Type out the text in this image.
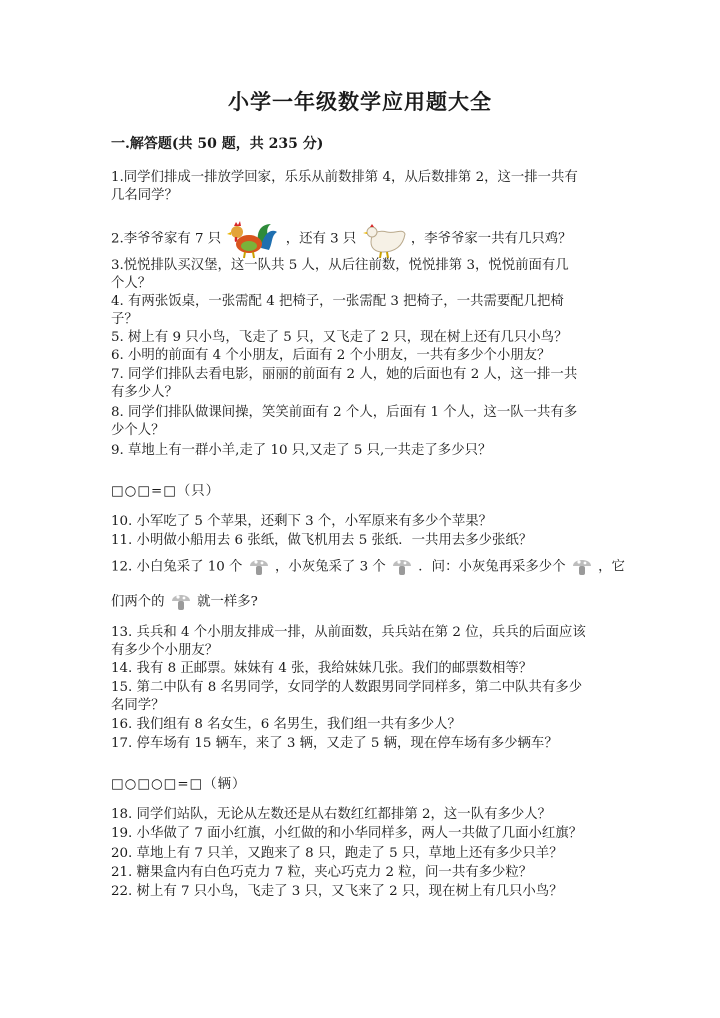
小学一年级数学应用题大全
一.解答题(共 50 题，共 235 分)
1.同学们排成一排放学回家，乐乐从前数排第 4，从后数排第 2，这一排一共有
几名同学？
2.李爷爷家有 7 只	，还有 3 只	，李爷爷家一共有几只鸡？
3.悦悦排队买汉堡，这一队共 5 人，从后往前数，悦悦排第 3，悦悦前面有几
个人？
4. 有两张饭桌，一张需配 4 把椅子，一张需配 3 把椅子，一共需要配几把椅
子？
5. 树上有 9 只小鸟，飞走了 5 只，又飞走了 2 只，现在树上还有几只小鸟？
6. 小明的前面有 4 个小朋友，后面有 2 个小朋友，一共有多少个小朋友？
7. 同学们排队去看电影，丽丽的前面有 2 人，她的后面也有 2 人，这一排一共
有多少人？
8. 同学们排队做课间操，笑笑前面有 2 个人，后面有 1 个人，这一队一共有多
少个人？
9. 草地上有一群小羊,走了 10 只,又走了 5 只,一共走了多少只？
□○□=□（只）
10. 小军吃了 5 个苹果，还剩下 3 个，小军原来有多少个苹果？
11. 小明做小船用去 6 张纸，做飞机用去 5 张纸．一共用去多少张纸？
12. 小白兔采了 10 个 ，小灰兔采了 3 个 ．问：小灰兔再采多少个 ，它
们两个的 就一样多?
13. 兵兵和 4 个小朋友排成一排，从前面数，兵兵站在第 2 位，兵兵的后面应该
有多少个小朋友？
14. 我有 8 正邮票。妹妹有 4 张，我给妹妹几张。我们的邮票数相等？
15. 第二中队有 8 名男同学，女同学的人数跟男同学同样多，第二中队共有多少
名同学？
16. 我们组有 8 名女生，6 名男生，我们组一共有多少人？
17. 停车场有 15 辆车，来了 3 辆，又走了 5 辆，现在停车场有多少辆车？
□○□○□=□（辆）
18. 同学们站队，无论从左数还是从右数红红都排第 2，这一队有多少人？
19. 小华做了 7 面小红旗，小红做的和小华同样多，两人一共做了几面小红旗？
20. 草地上有 7 只羊，又跑来了 8 只，跑走了 5 只，草地上还有多少只羊？
21. 糖果盒内有白色巧克力 7 粒，夹心巧克力 2 粒，问一共有多少粒？
22. 树上有 7 只小鸟，飞走了 3 只，又飞来了 2 只，现在树上有几只小鸟？
